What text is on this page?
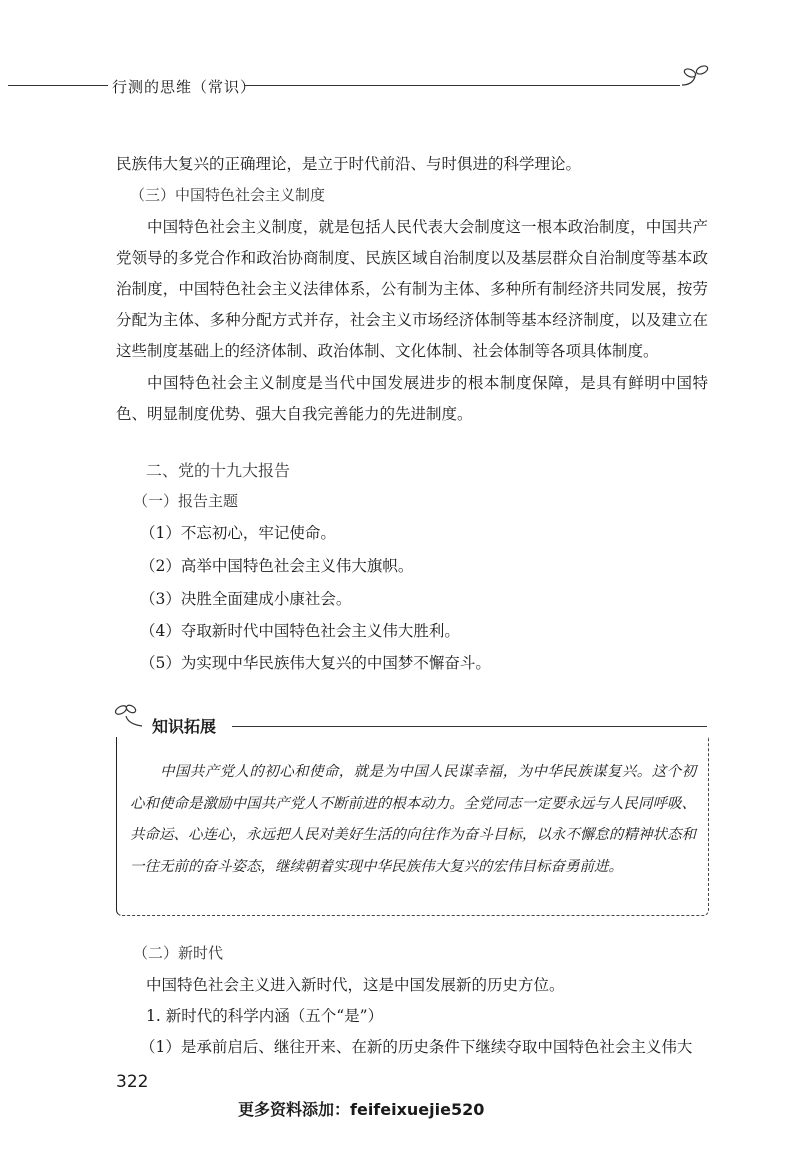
行测的思维（常识）
民族伟大复兴的正确理论，是立于时代前沿、与时俱进的科学理论。
（三）中国特色社会主义制度
中国特色社会主义制度，就是包括人民代表大会制度这一根本政治制度，中国共产党领导的多党合作和政治协商制度、民族区域自治制度以及基层群众自治制度等基本政治制度，中国特色社会主义法律体系，公有制为主体、多种所有制经济共同发展，按劳分配为主体、多种分配方式并存，社会主义市场经济体制等基本经济制度，以及建立在这些制度基础上的经济体制、政治体制、文化体制、社会体制等各项具体制度。
中国特色社会主义制度是当代中国发展进步的根本制度保障，是具有鲜明中国特色、明显制度优势、强大自我完善能力的先进制度。
二、党的十九大报告
（一）报告主题
（1）不忘初心，牢记使命。
（2）高举中国特色社会主义伟大旗帜。
（3）决胜全面建成小康社会。
（4）夺取新时代中国特色社会主义伟大胜利。
（5）为实现中华民族伟大复兴的中国梦不懈奋斗。
知识拓展
中国共产党人的初心和使命，就是为中国人民谋幸福，为中华民族谋复兴。这个初心和使命是激励中国共产党人不断前进的根本动力。全党同志一定要永远与人民同呼吸、共命运、心连心，永远把人民对美好生活的向往作为奋斗目标，以永不懈怠的精神状态和一往无前的奋斗姿态，继续朝着实现中华民族伟大复兴的宏伟目标奋勇前进。
（二）新时代
中国特色社会主义进入新时代，这是中国发展新的历史方位。
1. 新时代的科学内涵（五个“是”）
（1）是承前启后、继往开来、在新的历史条件下继续夺取中国特色社会主义伟大
322
更多资料添加：feifeixuejie520
